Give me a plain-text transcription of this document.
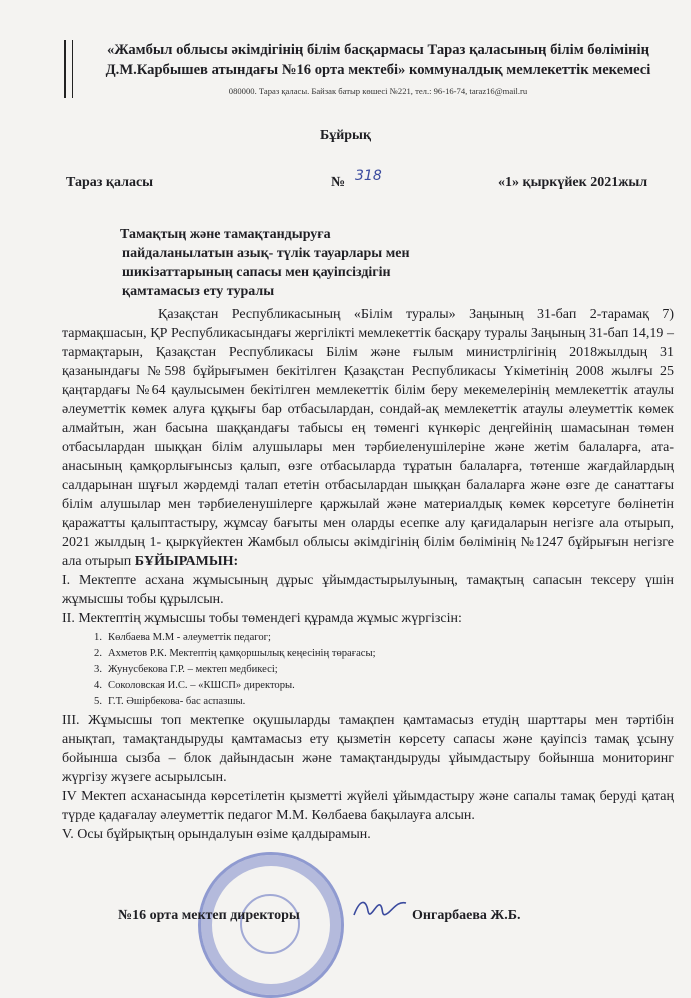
«Жамбыл облысы әкімдігінің білім басқармасы Тараз қаласының білім бөлімінің
Д.М.Карбышев атындағы №16 орта мектебі» коммуналдық мемлекеттік мекемесі
080000. Тараз қаласы. Байзак батыр көшесі №221, тел.: 96-16-74, taraz16@mail.ru
Бұйрық
Тараз қаласы	№ 318	«1» қыркүйек 2021жыл
Тамақтың және тамақтандыруға
пайдаланылатын азық- түлік тауарлары мен
шикізаттарының сапасы мен қауіпсіздігін
қамтамасыз ету туралы

Қазақстан Республикасының «Білім туралы» Заңының 31-бап 2-тарамақ 7) тармақшасын, ҚР Республикасындағы жергілікті мемлекеттік басқару туралы Заңының 31-бап 14,19 –тармақтарын, Қазақстан Республикасы Білім және ғылым министрлігінің 2018жылдың 31 қазанындағы №598 бұйрығымен бекітілген Қазақстан Республикасы Үкіметінің 2008 жылғы 25 қаңтардағы №64 қаулысымен бекітілген мемлекеттік білім беру мекемелерінің мемлекеттік атаулы әлеуметтік көмек алуға құқығы бар отбасылардан, сондай-ақ мемлекеттік атаулы әлеуметтік көмек алмайтын, жан басына шаққандағы табысы ең төменгі күнкөріс деңгейінің шамасынан төмен отбасылардан шыққан білім алушылары мен тәрбиеленушілеріне және жетім балаларға, ата-анасының қамқорлығынсыз қалып, өзге отбасыларда тұратын балаларға, төтенше жағдайлардың салдарынан шұғыл жәрдемді талап ететін отбасылардан шыққан балаларға және өзге де санаттағы білім алушылар мен тәрбиеленушілерге қаржылай және материалдық көмек көрсетуге бөлінетін қаражатты қалыптастыру, жұмсау бағыты мен оларды есепке алу қағидаларын негізге ала отырып, 2021 жылдың 1- қыркүйектен Жамбыл облысы әкімдігінің білім бөлімінің №1247 бұйрығын негізге ала отырып БҰЙЫРАМЫН:

I. Мектепте асхана жұмысының дұрыс ұйымдастырылуының, тамақтың сапасын тексеру үшін жұмысшы тобы құрылсын.

II. Мектептің жұмысшы тобы төмендегі құрамда жұмыс жүргізсін:

1. Көлбаева М.М - әлеуметтік педагог;
2. Ахметов Р.К. Мектептің қамқоршылық кеңесінің төрағасы;
3. Жунусбекова Г.Р. – мектеп медбикесі;
4. Соколовская И.С. – «КШСП» директоры.
5. Г.Т. Әшірбекова- бас аспазшы.

III. Жұмысшы топ мектепке оқушыларды тамақпен қамтамасыз етудің шарттары мен тәртібін анықтап, тамақтандыруды қамтамасыз ету қызметін көрсету сапасы және қауіпсіз тамақ ұсыну бойынша сызба – блок дайындасын және тамақтандыруды ұйымдастыру бойынша мониторинг жүргізу жүзеге асырылсын.

IV Мектеп асханасында көрсетілетін қызметті жүйелі ұйымдастыру және сапалы тамақ беруді қатаң түрде қадағалау әлеуметтік педагог М.М. Көлбаева бақылауға алсын.

V. Осы бұйрықтың орындалуын өзіме қалдырамын.

№16 орта мектеп директоры	Онгарбаева Ж.Б.
